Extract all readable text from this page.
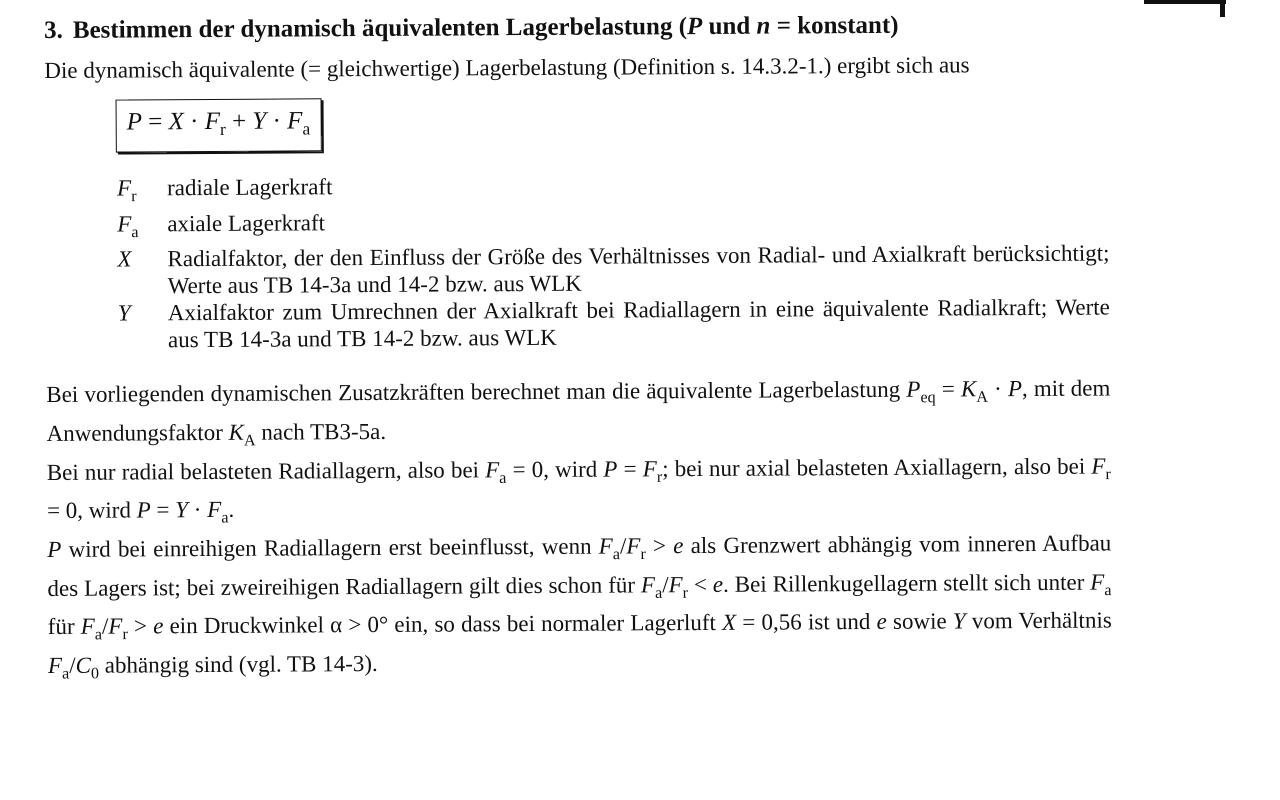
3. Bestimmen der dynamisch äquivalenten Lagerbelastung (P und n = konstant)

Die dynamisch äquivalente (= gleichwertige) Lagerbelastung (Definition s. 14.3.2-1.) ergibt sich aus

$P = X \cdot F_r + Y \cdot F_a$
$F_r$	radiale Lagerkraft
$F_a$	axiale Lagerkraft
X	Radialfaktor, der den Einfluss der Größe des Verhältnisses von Radial- und Axialkraft berücksichtigt; Werte aus TB 14-3a und 14-2 bzw. aus WLK
Y	Axialfaktor zum Umrechnen der Axialkraft bei Radiallagern in eine äquivalente Radialkraft; Werte aus TB 14-3a und TB 14-2 bzw. aus WLK

Bei vorliegenden dynamischen Zusatzkräften berechnet man die äquivalente Lagerbelastung $P_{eq} = K_A \cdot P$, mit dem Anwendungsfaktor $K_A$ nach TB3-5a.

Bei nur radial belasteten Radiallagern, also bei $F_a = 0$, wird $P = F_r$; bei nur axial belasteten Axiallagern, also bei $F_r = 0$, wird $P = Y \cdot F_a$.

P wird bei einreihigen Radiallagern erst beeinflusst, wenn $F_a/F_r > e$ als Grenzwert abhängig vom inneren Aufbau des Lagers ist; bei zweireihigen Radiallagern gilt dies schon für $F_a/F_r < e$. Bei Rillenkugellagern stellt sich unter $F_a$ für $F_a/F_r > e$ ein Druckwinkel α > 0° ein, so dass bei normaler Lagerluft X = 0,56 ist und e sowie Y vom Verhältnis $F_a/C_0$ abhängig sind (vgl. TB 14-3).
